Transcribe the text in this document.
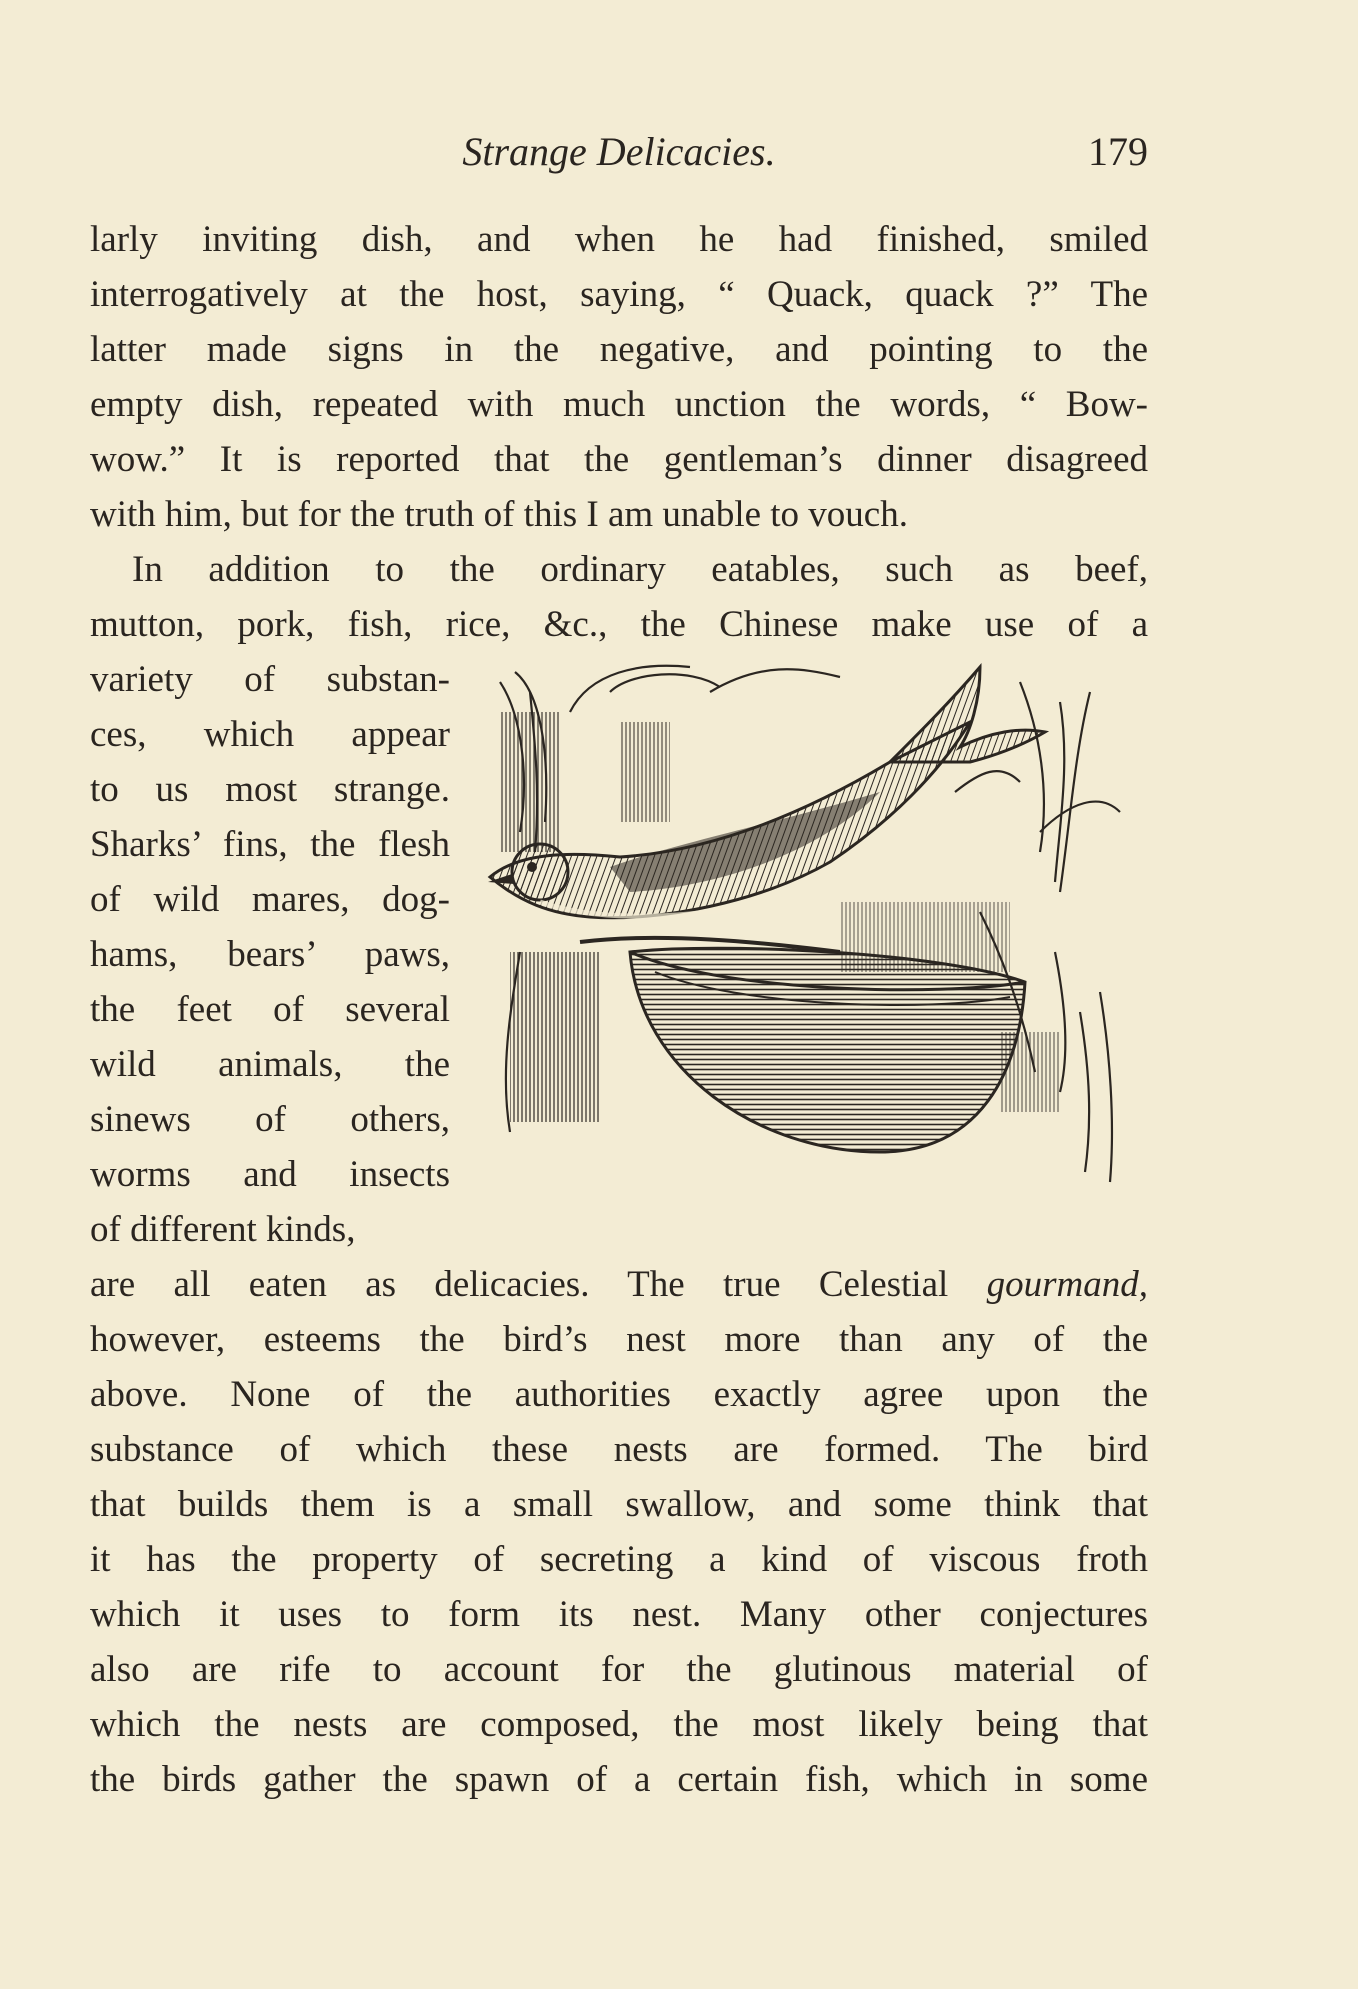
Strange Delicacies.	179
larly inviting dish, and when he had finished, smiled
interrogatively at the host, saying, “ Quack, quack ?” The
latter made signs in the negative, and pointing to the
empty dish, repeated with much unction the words, “ Bow-
wow.” It is reported that the gentleman’s dinner disagreed
with him, but for the truth of this I am unable to vouch.
In addition to the ordinary eatables, such as beef,
mutton, pork, fish, rice, &c., the Chinese make use of a
variety of substan-
ces, which appear
to us most strange.
Sharks’ fins, the flesh
of wild mares, dog-
hams, bears’ paws,
the feet of several
wild animals, the
sinews of others,
worms and insects
of different kinds,
are all eaten as delicacies. The true Celestial gourmand,
however, esteems the bird’s nest more than any of the
above. None of the authorities exactly agree upon the
substance of which these nests are formed. The bird
that builds them is a small swallow, and some think that
it has the property of secreting a kind of viscous froth
which it uses to form its nest. Many other conjectures
also are rife to account for the glutinous material of
which the nests are composed, the most likely being that
the birds gather the spawn of a certain fish, which in some
